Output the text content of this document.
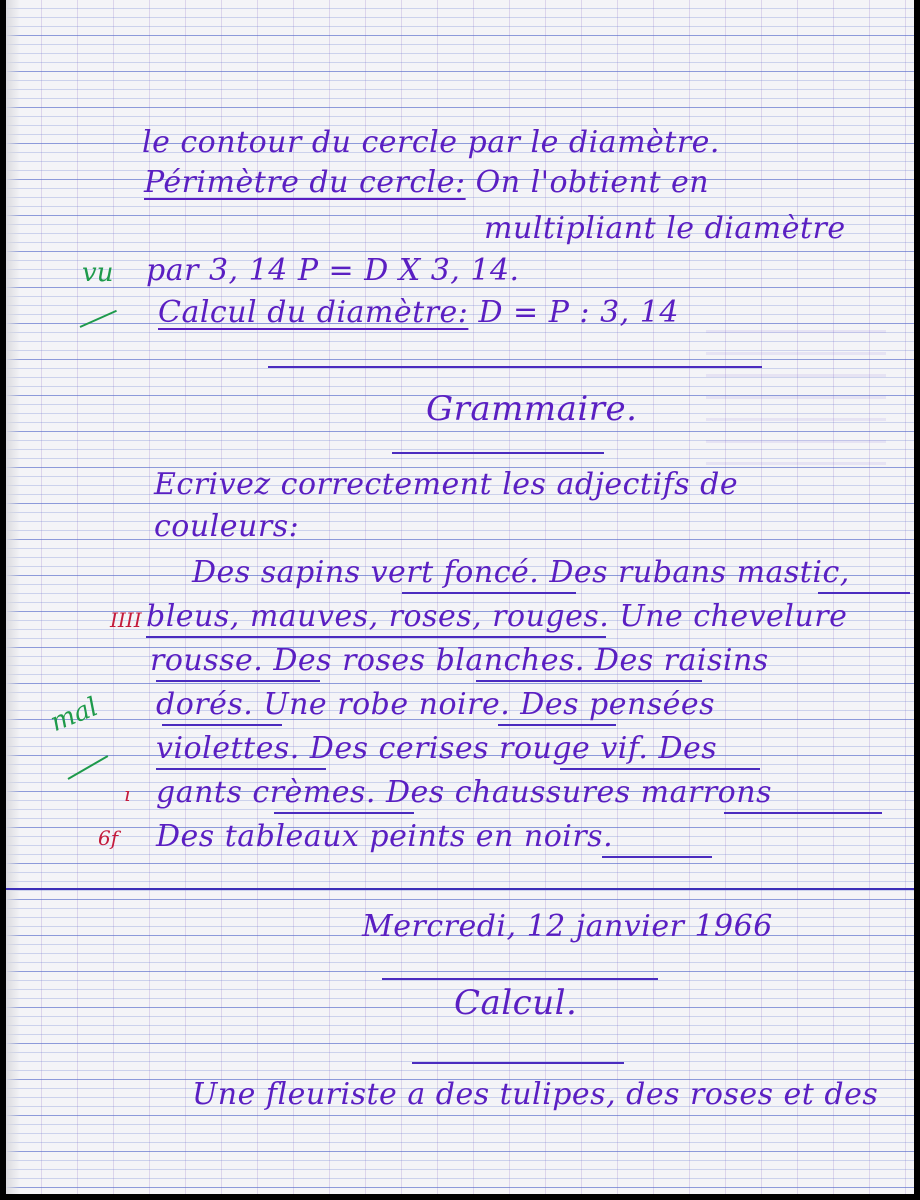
le contour du cercle par le diamètre.
Périmètre du cercle: On l'obtient en
multipliant le diamètre
par 3, 14 P = D X 3, 14.
Calcul du diamètre: D = P : 3, 14
Grammaire.
Ecrivez correctement les adjectifs de
couleurs:
Des sapins vert foncé. Des rubans mastic,
bleus, mauves, roses, rouges. Une chevelure
rousse. Des roses blanches. Des raisins
dorés. Une robe noire. Des pensées
violettes. Des cerises rouge vif. Des
gants crèmes. Des chaussures marrons
Des tableaux peints en noirs.
Mercredi, 12 janvier 1966
Calcul.
Une fleuriste a des tulipes, des roses et des
vu
IIII
mal
ı
6f
